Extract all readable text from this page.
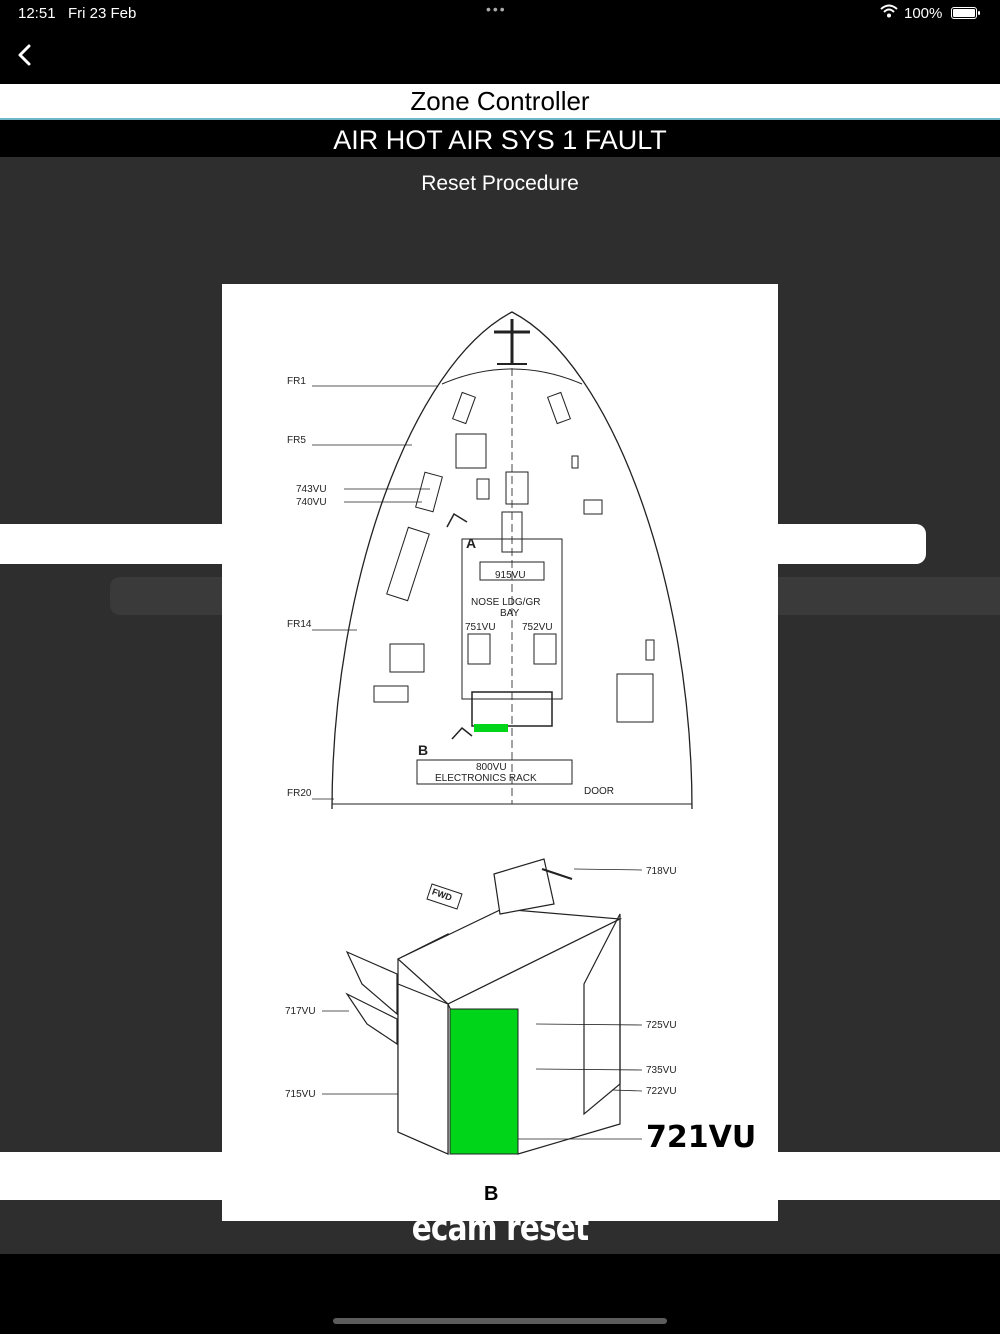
12:51 Fri 23 Feb	•••	100%
Zone Controller
AIR HOT AIR SYS 1 FAULT
Reset Procedure
FR1
FR5
FR14
FR20
743VU
740VU
A
B
915VU
NOSE LDG/GR
BAY
751VU	752VU
800VU
ELECTRONICS RACK
DOOR
FWD
718VU
717VU
725VU
735VU
722VU
715VU
721VU
B
ecam reset
